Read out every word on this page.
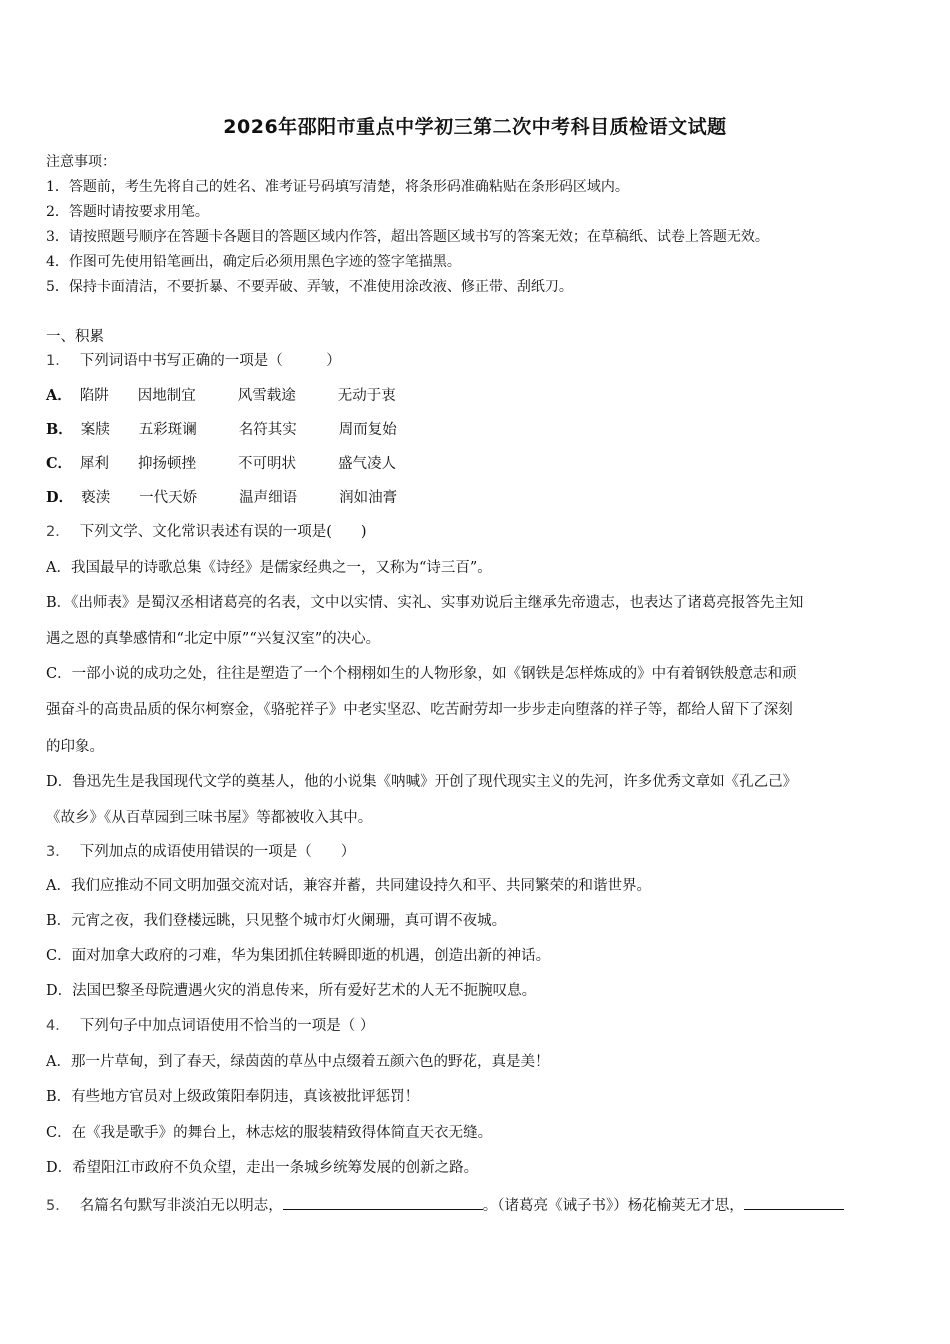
2026年邵阳市重点中学初三第二次中考科目质检语文试题
注意事项：
1．答题前，考生先将自己的姓名、准考证号码填写清楚，将条形码准确粘贴在条形码区域内。
2．答题时请按要求用笔。
3．请按照题号顺序在答题卡各题目的答题区域内作答，超出答题区域书写的答案无效；在草稿纸、试卷上答题无效。
4．作图可先使用铅笔画出，确定后必须用黑色字迹的签字笔描黑。
5．保持卡面清洁，不要折暴、不要弄破、弄皱，不准使用涂改液、修正带、刮纸刀。
一、积累
1． 下列词语中书写正确的一项是（　　　）
A． 陷阱 因地制宜	风雪载途	无动于衷
B． 案牍 五彩斑谰	名符其实	周而复始
C． 犀利 抑扬顿挫	不可明状	盛气凌人
D． 亵渎 一代天娇	温声细语	润如油膏
2． 下列文学、文化常识表述有误的一项是(　　)
A．我国最早的诗歌总集《诗经》是儒家经典之一，又称为“诗三百”。
B．《出师表》是蜀汉丞相诸葛亮的名表，文中以实情、实礼、实事劝说后主继承先帝遗志，也表达了诸葛亮报答先主知
遇之恩的真挚感情和“北定中原”“兴复汉室”的决心。
C．一部小说的成功之处，往往是塑造了一个个栩栩如生的人物形象，如《钢铁是怎样炼成的》中有着钢铁般意志和顽
强奋斗的高贵品质的保尔柯察金，《骆驼祥子》中老实坚忍、吃苦耐劳却一步步走向堕落的祥子等，都给人留下了深刻
的印象。
D．鲁迅先生是我国现代文学的奠基人，他的小说集《呐喊》开创了现代现实主义的先河，许多优秀文章如《孔乙己》
《故乡》《从百草园到三味书屋》等都被收入其中。
3． 下列加点的成语使用错误的一项是（　　）
A．我们应推动不同文明加强交流对话，兼容并蓄，共同建设持久和平、共同繁荣的和谐世界。
B．元宵之夜，我们登楼远眺，只见整个城市灯火阑珊，真可谓不夜城。
C．面对加拿大政府的刁难，华为集团抓住转瞬即逝的机遇，创造出新的神话。
D．法国巴黎圣母院遭遇火灾的消息传来，所有爱好艺术的人无不扼腕叹息。
4． 下列句子中加点词语使用不恰当的一项是（ ）
A．那一片草甸，到了春天，绿茵茵的草丛中点缀着五颜六色的野花，真是美！
B．有些地方官员对上级政策阳奉阴违，真该被批评惩罚！
C．在《我是歌手》的舞台上，林志炫的服装精致得体简直天衣无缝。
D．希望阳江市政府不负众望，走出一条城乡统筹发展的创新之路。
5． 名篇名句默写非淡泊无以明志，	。（诸葛亮《诫子书》）杨花榆荚无才思，
